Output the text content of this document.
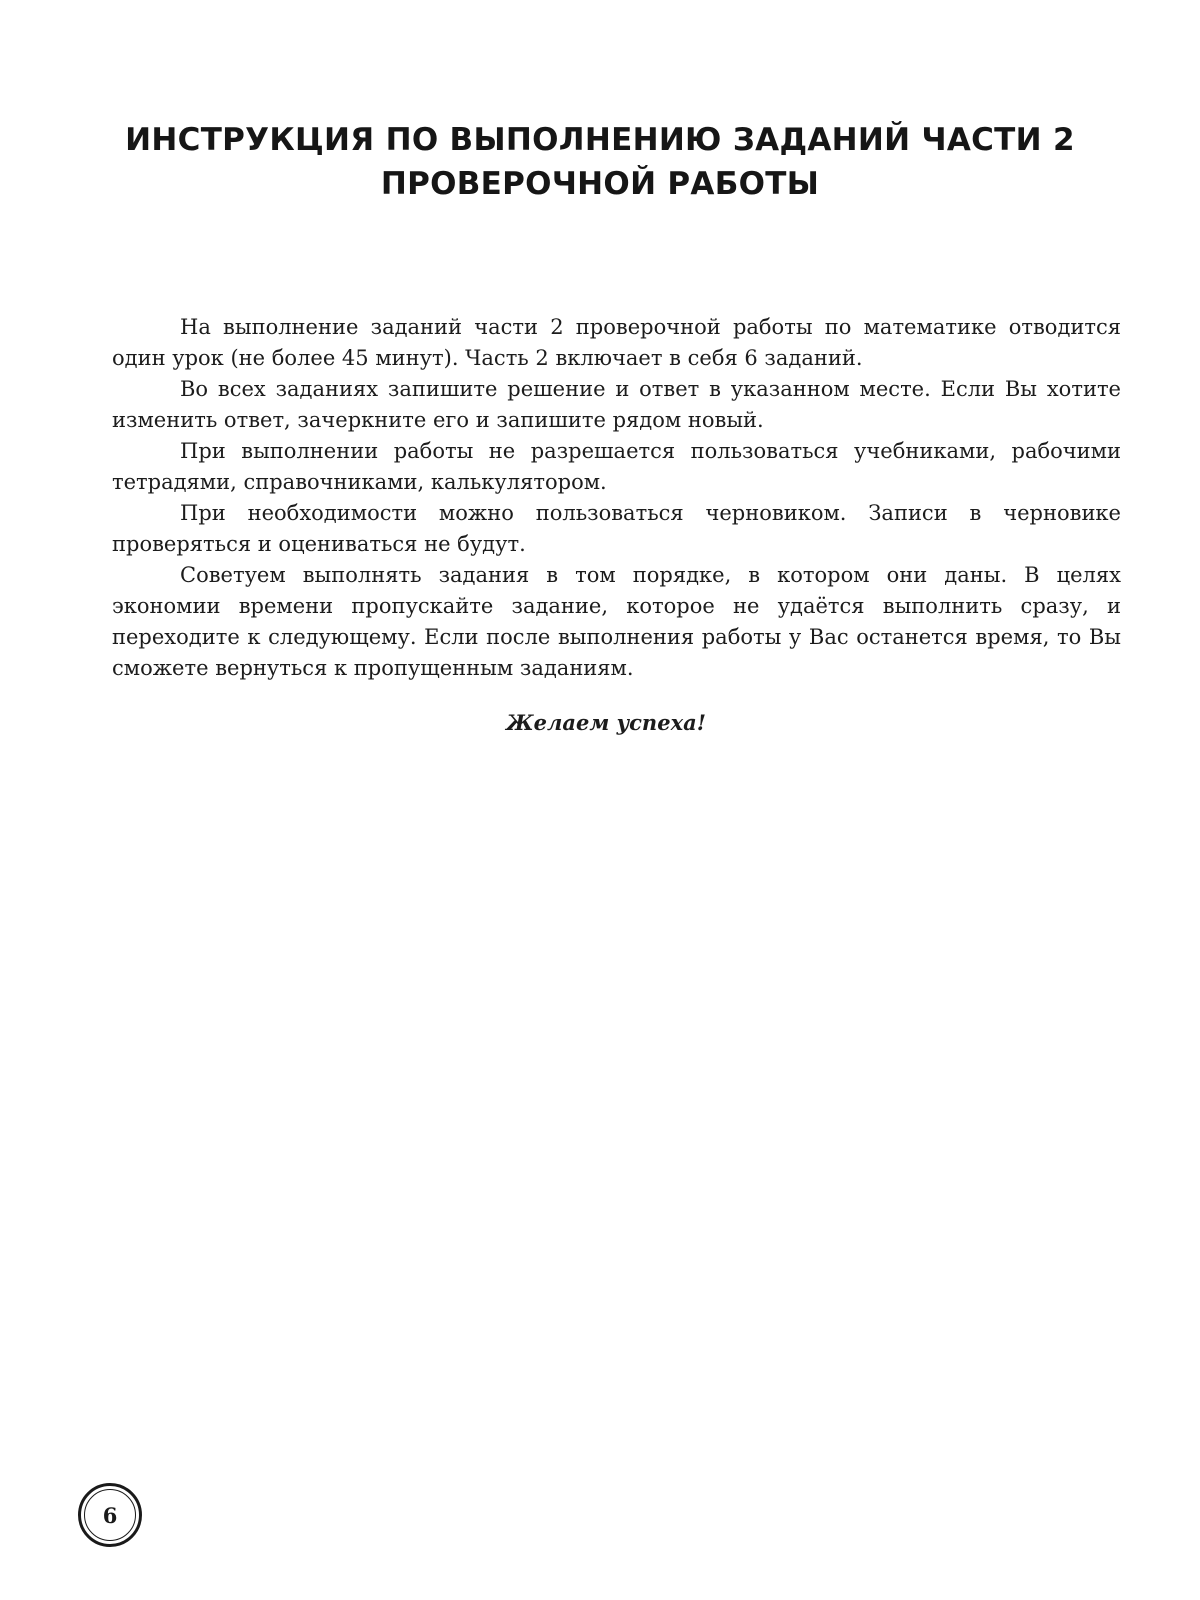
ИНСТРУКЦИЯ ПО ВЫПОЛНЕНИЮ ЗАДАНИЙ ЧАСТИ 2
ПРОВЕРОЧНОЙ РАБОТЫ

На выполнение заданий части 2 проверочной работы по математике отводится один урок (не более 45 минут). Часть 2 включает в себя 6 заданий.

Во всех заданиях запишите решение и ответ в указанном месте. Если Вы хотите изменить ответ, зачеркните его и запишите рядом новый.

При выполнении работы не разрешается пользоваться учебниками, рабочими тетрадями, справочниками, калькулятором.

При необходимости можно пользоваться черновиком. Записи в черновике проверяться и оцениваться не будут.

Советуем выполнять задания в том порядке, в котором они даны. В целях экономии времени пропускайте задание, которое не удаётся выполнить сразу, и переходите к следующему. Если после выполнения работы у Вас останется время, то Вы сможете вернуться к пропущенным заданиям.

Желаем успеха!
6
